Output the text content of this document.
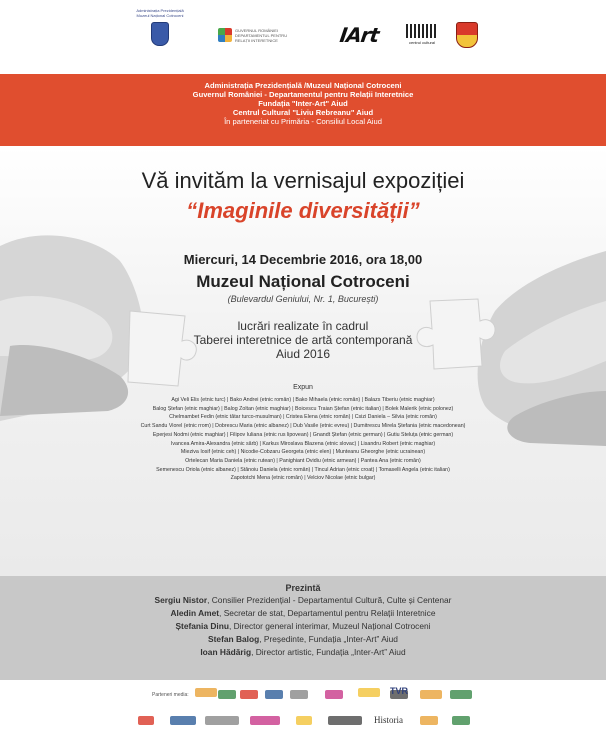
Administrația Prezidențială
Muzeul Național Cotroceni
GUVERNUL ROMÂNIEI
DEPARTAMENTUL PENTRU
RELAȚII INTERETNICE	IArt	centrul cultural
Administrația Prezidențială /Muzeul Național Cotroceni
Guvernul României - Departamentul pentru Relații Interetnice
Fundația "Inter-Art" Aiud
Centrul Cultural "Liviu Rebreanu" Aiud
În parteneriat cu Primăria - Consiliul Local Aiud
Vă invităm la vernisajul expoziției
“Imaginile diversității”
Miercuri, 14 Decembrie 2016, ora 18,00
Muzeul Național Cotroceni
(Bulevardul Geniului, Nr. 1, București)
lucrări realizate în cadrul
Taberei interetnice de artă contemporană
Aiud 2016
Expun
Agi Veli Elis (etnic turc) | Bako Andrei (etnic român) | Bako Mihaela (etnic român) | Balazs Tiberiu (etnic maghiar)
Balog Ștefan (etnic maghiar) | Balog Zoltan (etnic maghiar) | Boicescu Traian Ștefan (etnic italian) | Bolek Malerik (etnic polonez)
Chelmambet Fedin (etnic tătar turco-musulman) | Cristea Elena (etnic român) | Csizi Daniela – Silvia (etnic român)
Curt Sandu Viorel (etnic rrom) | Dobrescu Maria (etnic albanez) | Dub Vasile (etnic evreu) | Dumitrescu Mirela Ștefania (etnic macedonean)
Eperjesi Nodmi (etnic maghiar) | Filipov Iuliana (etnic rus lipovean) | Gnandt Ștefan (etnic german) | Gutiu Steluța (etnic german)
Ivancea Amira-Alexandra (etnic sârb) | Karkus Miroslava Blazena (etnic slovac) | Lisandru Robert (etnic maghiar)
Mieziva Iosif (etnic ceh) | Nicodie-Cobzaru Georgeta (etnic elen) | Munteanu Gheorghe (etnic ucrainean)
Ortelecan Maria Daniela (etnic rutean) | Panighiant Ovidiu (etnic armean) | Pantea Ana (etnic român)
Semenescu Oriola (etnic albanez) | Stănoiu Daniela (etnic român) | Tincul Adrian (etnic croat) | Tomaselli Angela (etnic italian)
Zapototchi Mena (etnic român) | Velciov Nicolae (etnic bulgar)
Prezintă
Sergiu Nistor, Consilier Prezidențial - Departamentul Cultură, Culte și Centenar
Aledin Amet, Secretar de stat, Departamentul pentru Relații Interetnice
Ștefania Dinu, Director general interimar, Muzeul Național Cotroceni
Stefan Balog, Președinte, Fundația „Inter-Art” Aiud
Ioan Hădărig, Director artistic, Fundația „Inter-Art” Aiud
Parteneri media:	TVR
Historia
